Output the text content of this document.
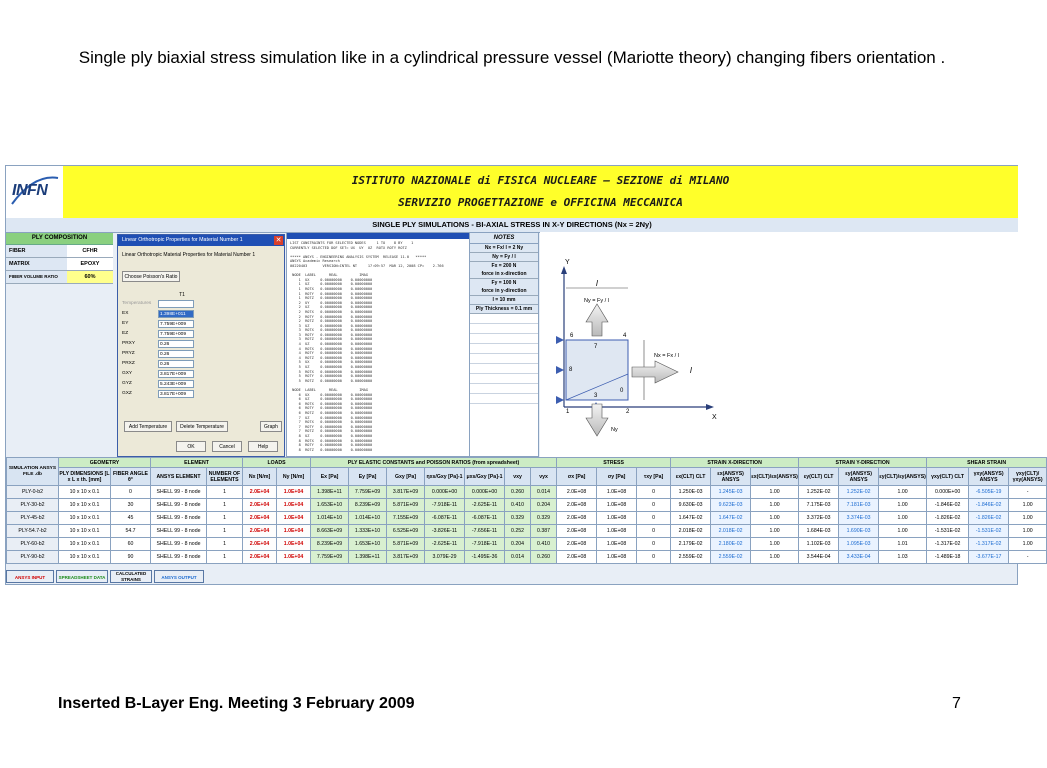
Single ply biaxial stress simulation like in a cylindrical pressure vessel (Mariotte theory) changing fibers orientation .
INFN
ISTITUTO NAZIONALE di FISICA NUCLEARE – SEZIONE di MILANO
SERVIZIO PROGETTAZIONE e OFFICINA MECCANICA
SINGLE PLY SIMULATIONS - BI-AXIAL STRESS IN X-Y DIRECTIONS (Nx = 2Ny)
PLY COMPOSITION
FIBER	CFHR
MATRIX	EPOXY
FIBER VOLUME RATIO	60%
Linear Orthotropic Properties for Material Number 1	✕
Linear Orthotropic Material Properties for Material Number 1
Choose Poisson's Ratio
T1
Temperatures
EX	1.398E+011
EY	7.759E+009
EZ	7.759E+009
PRXY	0.26
PRYZ	0.26
PRXZ	0.26
GXY	3.817E+009
GYZ	5.243E+009
GXZ	3.817E+009
Add Temperature	Delete Temperature	Graph
OK	Cancel	Help
LIST CONSTRAINTS FOR SELECTED NODES     1 TO    8 BY    1
CURRENTLY SELECTED DOF SET= UX  UY  UZ  ROTX ROTY ROTZ

***** ANSYS - ENGINEERING ANALYSIS SYSTEM  RELEASE 11.0   *****
ANSYS Academic Research
00220403       VERSION=INTEL NT     17:09:57  MAR 12, 2008 CP=    2.766

NODE  LABEL      REAL          IMAG
1  UX     0.00000000    0.00000000
1  UZ     0.00000000    0.00000000
1  ROTX   0.00000000    0.00000000
1  ROTY   0.00000000    0.00000000
1  ROTZ   0.00000000    0.00000000
2  UY     0.00000000    0.00000000
2  UZ     0.00000000    0.00000000
2  ROTX   0.00000000    0.00000000
2  ROTY   0.00000000    0.00000000
2  ROTZ   0.00000000    0.00000000
3  UZ     0.00000000    0.00000000
3  ROTX   0.00000000    0.00000000
3  ROTY   0.00000000    0.00000000
3  ROTZ   0.00000000    0.00000000
4  UZ     0.00000000    0.00000000
4  ROTX   0.00000000    0.00000000
4  ROTY   0.00000000    0.00000000
4  ROTZ   0.00000000    0.00000000
5  UX     0.00000000    0.00000000
5  UZ     0.00000000    0.00000000
5  ROTX   0.00000000    0.00000000
5  ROTY   0.00000000    0.00000000
5  ROTZ   0.00000000    0.00000000

NODE  LABEL      REAL          IMAG
6  UX     0.00000000    0.00000000
6  UZ     0.00000000    0.00000000
6  ROTX   0.00000000    0.00000000
6  ROTY   0.00000000    0.00000000
6  ROTZ   0.00000000    0.00000000
7  UZ     0.00000000    0.00000000
7  ROTX   0.00000000    0.00000000
7  ROTY   0.00000000    0.00000000
7  ROTZ   0.00000000    0.00000000
8  UZ     0.00000000    0.00000000
8  ROTX   0.00000000    0.00000000
8  ROTY   0.00000000    0.00000000
8  ROTZ   0.00000000    0.00000000
NOTES
Nx = Fx/ l = 2 Ny
Ny = Fy / l
Fx = 200 N
force in x-direction
Fy = 100 N
force in y-direction
l = 10 mm
Ply Thickness = 0.1 mm
Y
X
l
l
6	4
7
8
0
3
1	2
Ny = Fy / l
Nx = Fx / l
Ny
SIMULATION ANSYS FILE .db	GEOMETRY		ELEMENT		LOADS		PLY ELASTIC CONSTANTS and POISSON RATIOS (from spreadsheet)							STRESS			STRAIN X-DIRECTION			STRAIN Y-DIRECTION			SHEAR STRAIN		
	PLY DIMENSIONS [L x L x th. [mm]	FIBER ANGLE θ°	ANSYS ELEMENT	NUMBER OF ELEMENTS	Nx [N/m]	Ny [N/m]	Ex [Pa]	Ey [Pa]	Gxy [Pa]	ηxs/Gxy [Pa]-1	μxs/Gxy [Pa]-1	νxy	νyx	σx [Pa]	σy [Pa]	τxy [Pa]	εx(CLT) CLT	εx(ANSYS) ANSYS	εx(CLT)/εx(ANSYS)	εy(CLT) CLT	εy(ANSYS) ANSYS	εy(CLT)/εy(ANSYS)	γxy(CLT) CLT	γxy(ANSYS) ANSYS	γxy(CLT)/γxy(ANSYS)
PLY-0-b2	10 x 10 x 0.1	0	SHELL 99 - 8 node	1	2.0E+04	1.0E+04	1.398E+11	7.759E+09	3.817E+09	0.000E+00	0.000E+00	0.260	0.014	2.0E+08	1.0E+08	0	1.250E-03	1.245E-03	1.00	1.252E-02	1.252E-02	1.00	0.000E+00	-6.505E-19	-
PLY-30-b2	10 x 10 x 0.1	30	SHELL 99 - 8 node	1	2.0E+04	1.0E+04	1.653E+10	8.239E+09	5.871E+09	-7.918E-11	-2.625E-11	0.410	0.204	2.0E+08	1.0E+08	0	9.630E-03	9.623E-03	1.00	7.175E-03	7.181E-03	1.00	-1.846E-02	-1.846E-02	1.00
PLY-45-b2	10 x 10 x 0.1	45	SHELL 99 - 8 node	1	2.0E+04	1.0E+04	1.014E+10	1.014E+10	7.155E+09	-6.087E-11	-6.087E-11	0.329	0.329	2.0E+08	1.0E+08	0	1.647E-02	1.647E-02	1.00	3.372E-03	3.374E-03	1.00	-1.826E-02	-1.826E-02	1.00
PLY-54.7-b2	10 x 10 x 0.1	54.7	SHELL 99 - 8 node	1	2.0E+04	1.0E+04	8.663E+09	1.333E+10	6.525E+09	-3.826E-11	-7.656E-11	0.252	0.387	2.0E+08	1.0E+08	0	2.018E-02	2.018E-02	1.00	1.684E-03	1.690E-03	1.00	-1.531E-02	-1.531E-02	1.00
PLY-60-b2	10 x 10 x 0.1	60	SHELL 99 - 8 node	1	2.0E+04	1.0E+04	8.239E+09	1.653E+10	5.871E+09	-2.625E-11	-7.918E-11	0.204	0.410	2.0E+08	1.0E+08	0	2.179E-02	2.180E-02	1.00	1.102E-03	1.095E-03	1.01	-1.317E-02	-1.317E-02	1.00
PLY-90-b2	10 x 10 x 0.1	90	SHELL 99 - 8 node	1	2.0E+04	1.0E+04	7.759E+09	1.398E+11	3.817E+09	3.079E-29	-1.495E-36	0.014	0.260	2.0E+08	1.0E+08	0	2.559E-02	2.559E-02	1.00	3.544E-04	3.433E-04	1.03	-1.489E-18	-3.677E-17	-
ANSYS INPUT	SPREADSHEET DATA
CALCULATED STRAINS	ANSYS OUTPUT
Inserted B-Layer Eng. Meeting 3 February 2009	7
